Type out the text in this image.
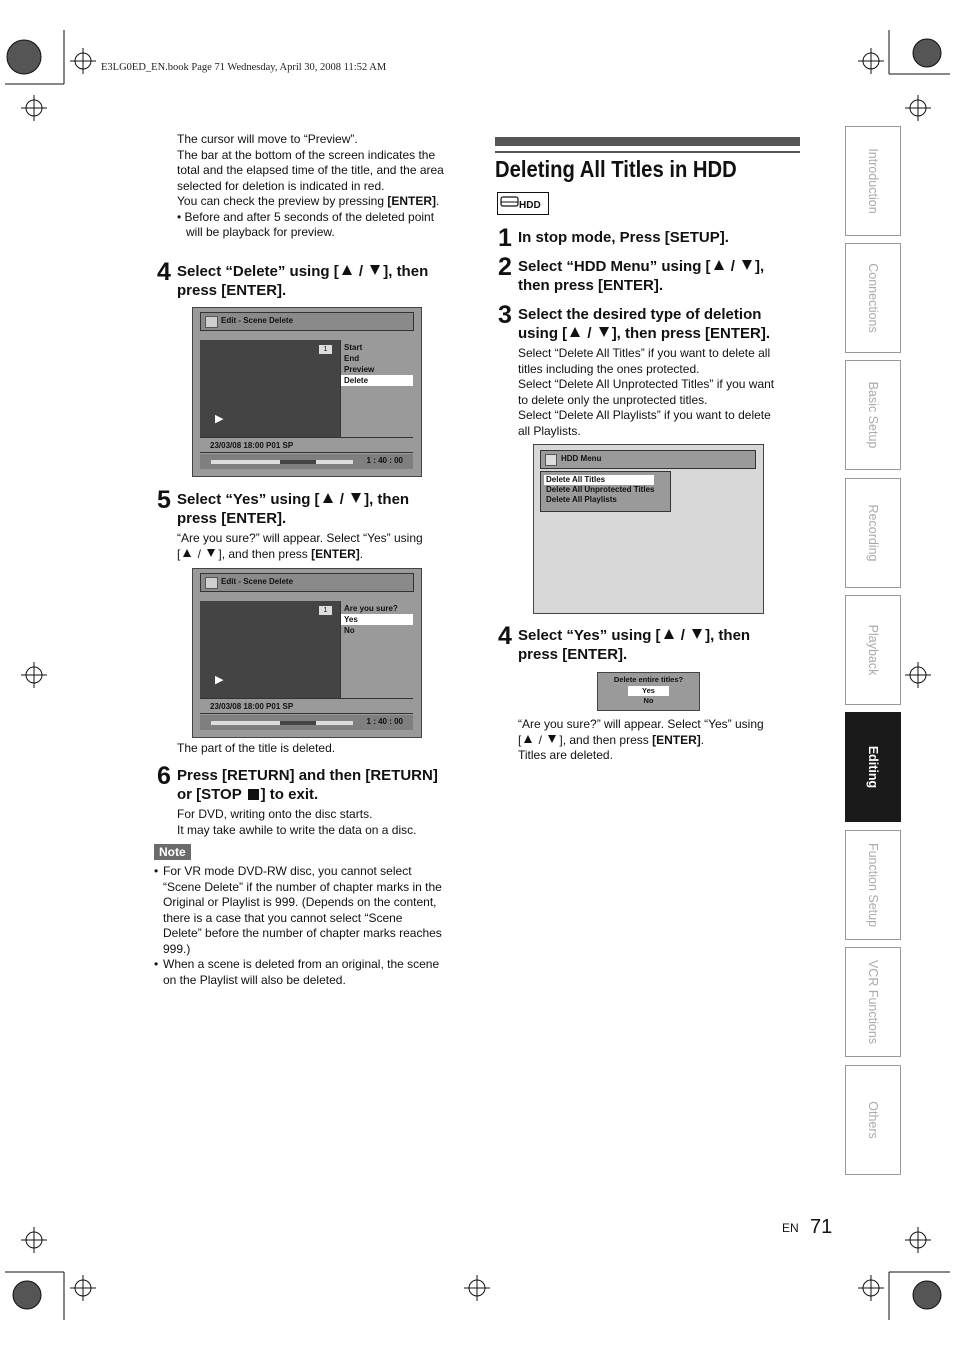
E3LG0ED_EN.book Page 71 Wednesday, April 30, 2008 11:52 AM
The cursor will move to “Preview”.
The bar at the bottom of the screen indicates the
total and the elapsed time of the title, and the area
selected for deletion is indicated in red.
You can check the preview by pressing [ENTER].
• Before and after 5 seconds of the deleted point
will be playback for preview.
4 Select “Delete” using [ / ], then
press [ENTER].
Edit - Scene Delete
1
▶
Start
End
Preview
Delete
23/03/08 18:00 P01 SP
1 : 40 : 00
5 Select “Yes” using [ / ], then
press [ENTER].
“Are you sure?” will appear. Select “Yes” using
[ / ], and then press [ENTER].
Edit - Scene Delete
1
▶
Are you sure?
Yes
No
23/03/08 18:00 P01 SP
1 : 40 : 00
The part of the title is deleted.
6 Press [RETURN] and then [RETURN]
or [STOP ] to exit.
For DVD, writing onto the disc starts.
It may take awhile to write the data on a disc.
Note
• For VR mode DVD-RW disc, you cannot select
“Scene Delete” if the number of chapter marks in the
Original or Playlist is 999. (Depends on the content,
there is a case that you cannot select “Scene
Delete” before the number of chapter marks reaches
999.)
• When a scene is deleted from an original, the scene
on the Playlist will also be deleted.
Deleting All Titles in HDD
HDD
1 In stop mode, Press [SETUP].
2 Select “HDD Menu” using [ / ],
then press [ENTER].
3 Select the desired type of deletion
using [ / ], then press [ENTER].
Select “Delete All Titles” if you want to delete all
titles including the ones protected.
Select “Delete All Unprotected Titles” if you want
to delete only the unprotected titles.
Select “Delete All Playlists” if you want to delete
all Playlists.
HDD Menu
Delete All Titles
Delete All Unprotected Titles
Delete All Playlists
4 Select “Yes” using [ / ], then
press [ENTER].
Delete entire titles?
Yes
No
“Are you sure?” will appear. Select “Yes” using
[ / ], and then press [ENTER].
Titles are deleted.
Introduction
Connections
Basic Setup
Recording
Playback
Editing
Function Setup
VCR Functions
Others
EN 71
